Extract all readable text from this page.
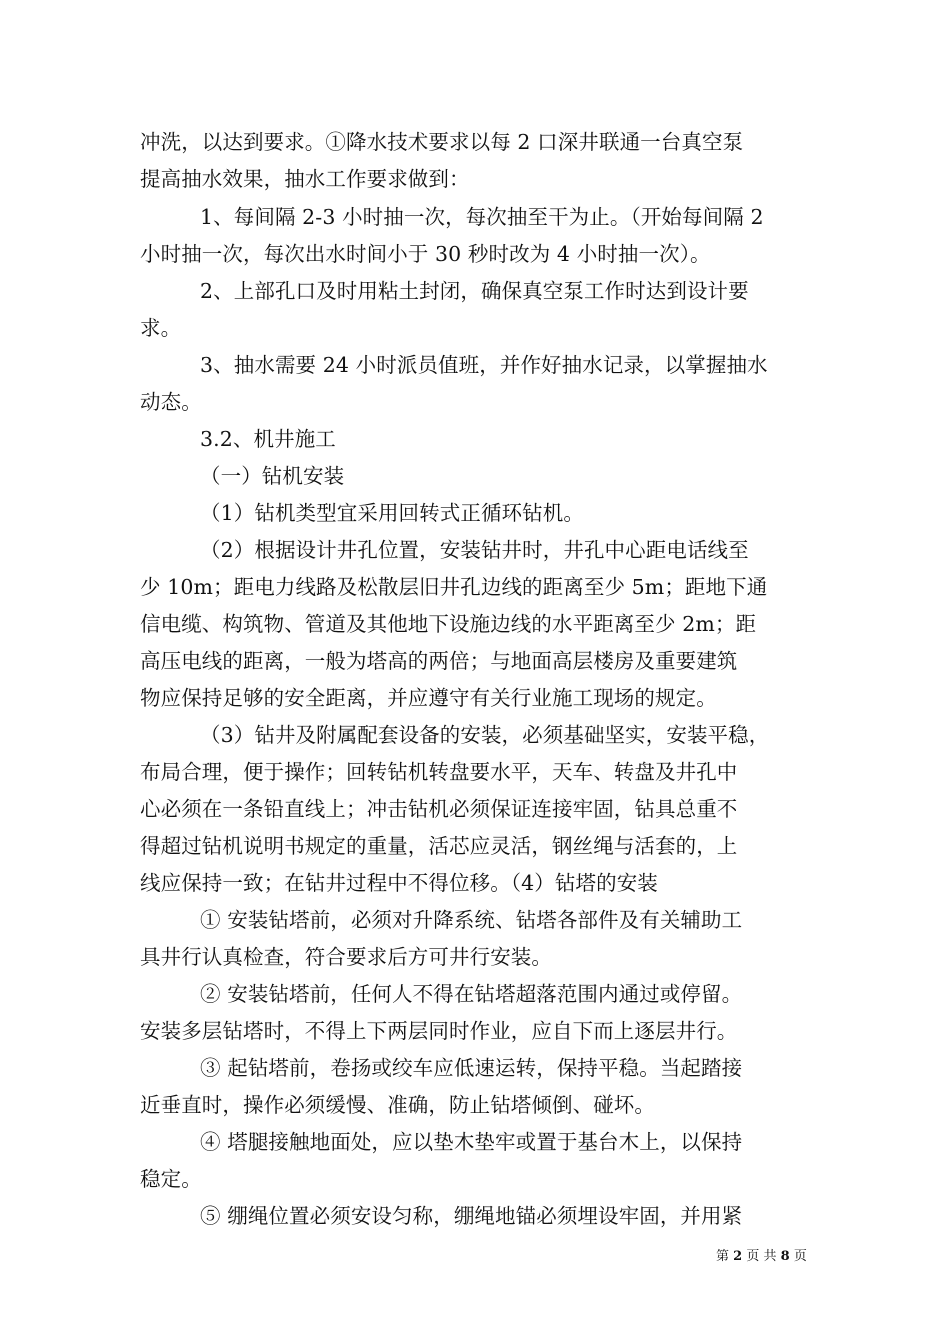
冲洗，以达到要求。①降水技术要求以每 2 口深井联通一台真空泵
提高抽水效果，抽水工作要求做到：
1、每间隔 2-3 小时抽一次，每次抽至干为止。（开始每间隔 2
小时抽一次，每次出水时间小于 30 秒时改为 4 小时抽一次）。
2、上部孔口及时用粘土封闭，确保真空泵工作时达到设计要
求。
3、抽水需要 24 小时派员值班，并作好抽水记录，以掌握抽水
动态。
3.2、机井施工
（一）钻机安装
（1）钻机类型宜采用回转式正循环钻机。
（2）根据设计井孔位置，安装钻井时，井孔中心距电话线至
少 10m；距电力线路及松散层旧井孔边线的距离至少 5m；距地下通
信电缆、构筑物、管道及其他地下设施边线的水平距离至少 2m；距
高压电线的距离，一般为塔高的两倍；与地面高层楼房及重要建筑
物应保持足够的安全距离，并应遵守有关行业施工现场的规定。
（3）钻井及附属配套设备的安装，必须基础坚实，安装平稳，
布局合理，便于操作；回转钻机转盘要水平，天车、转盘及井孔中
心必须在一条铅直线上；冲击钻机必须保证连接牢固，钻具总重不
得超过钻机说明书规定的重量，活芯应灵活，钢丝绳与活套的，上
线应保持一致；在钻井过程中不得位移。（4）钻塔的安装
① 安装钻塔前，必须对升降系统、钻塔各部件及有关辅助工
具井行认真检查，符合要求后方可井行安装。
② 安装钻塔前，任何人不得在钻塔超落范围内通过或停留。
安装多层钻塔时，不得上下两层同时作业，应自下而上逐层井行。
③ 起钻塔前，卷扬或绞车应低速运转，保持平稳。当起踏接
近垂直时，操作必须缓慢、准确，防止钻塔倾倒、碰坏。
④ 塔腿接触地面处，应以垫木垫牢或置于基台木上，以保持
稳定。
⑤ 绷绳位置必须安设匀称，绷绳地锚必须埋设牢固，并用紧
第 2 页 共 8 页
